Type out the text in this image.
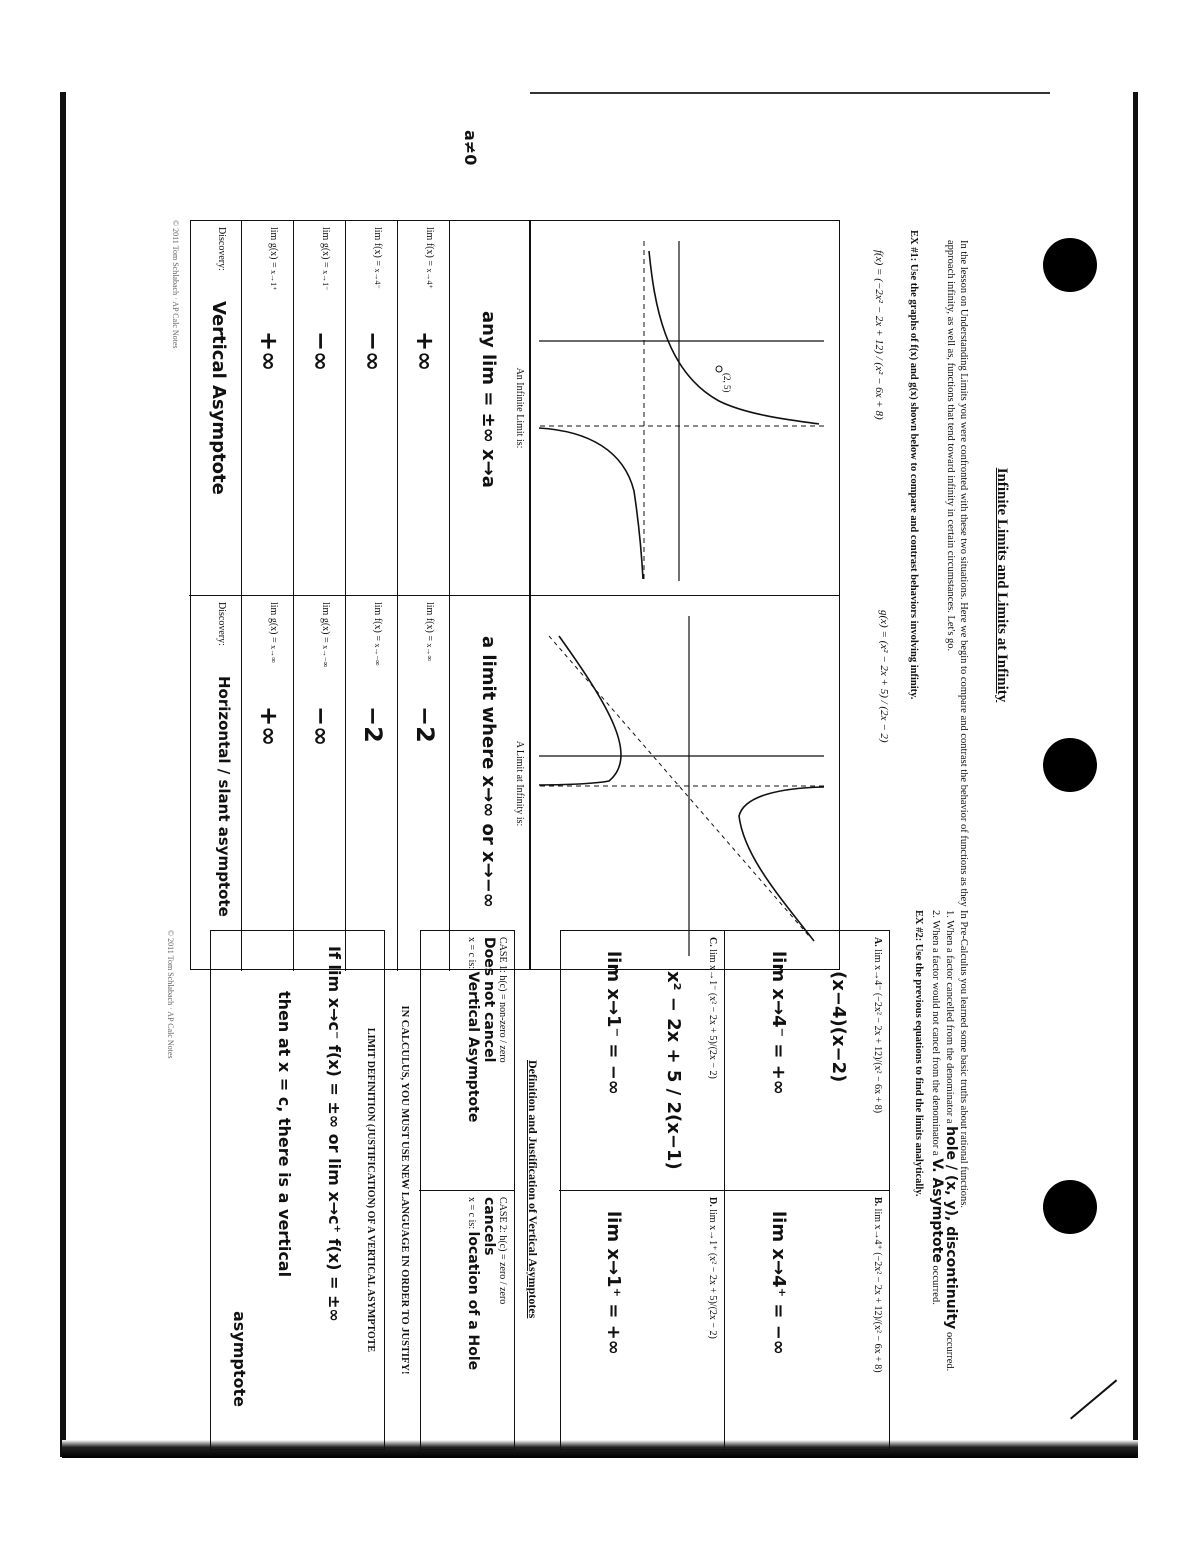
Infinite Limits and Limits at Infinity
In the lesson on Understanding Limits you were confronted with these two situations. Here we begin to compare and contrast the behavior of functions as they approach infinity, as well as, functions that tend toward infinity in certain circumstances. Let's go.
EX #1: Use the graphs of f(x) and g(x) shown below to compare and contrast behaviors involving infinity.
f(x) = (−2x² − 2x + 12) / (x² − 6x + 8)
g(x) = (x² − 2x + 5) / (2x − 2)
(2, 5)
An Infinite Limit is:
any lim = ±∞ x→a
lim f(x) = x→4⁺
+∞
lim f(x) = x→4⁻
−∞
lim g(x) = x→1⁻
−∞
lim g(x) = x→1⁺
+∞
Discovery:
Vertical Asymptote
A Limit at Infinity is:
a limit where x→∞ or x→−∞
lim f(x) = x→∞
−2
lim f(x) = x→−∞
−2
lim g(x) = x→−∞
−∞
lim g(x) = x→∞
+∞
Discovery:
Horizontal / slant asymptote
a≠0
In Pre-Calculus you learned some basic truths about rational functions.
1. When a factor cancelled from the denominator a hole / (x, y), discontinuity occurred.
2. When a factor would not cancel from the denominator a V. Asymptote occurred.
EX #2: Use the previous equations to find the limits analytically.
A. lim x→4⁻ (−2x² − 2x + 12)/(x² − 6x + 8)
(x−4)(x−2)
lim x→4⁻ = +∞
B. lim x→4⁺ (−2x² − 2x + 12)/(x² − 6x + 8)
lim x→4⁺ = −∞
C. lim x→1⁻ (x² − 2x + 5)/(2x − 2)
x² − 2x + 5 / 2(x−1)
lim x→1⁻ = −∞
D. lim x→1⁺ (x² − 2x + 5)/(2x − 2)
lim x→1⁺ = +∞
Definition and Justification of Vertical Asymptotes
CASE 1: h(c) = non-zero / zero
Does not cancel
x = c is: Vertical Asymptote
CASE 2: h(c) = zero / zero
cancels
x = c is: location of a Hole
IN CALCULUS, YOU MUST USE NEW LANGUAGE IN ORDER TO JUSTIFY!
LIMIT DEFINITION (JUSTIFICATION) OF A VERTICAL ASYMPTOTE
If lim x→c⁻ f(x) = ±∞ or lim x→c⁺ f(x) = ±∞
then at x = c, there is a vertical
asymptote
© 2011 Tom Schlabach · AP Calc Notes
© 2011 Tom Schlabach · AP Calc Notes
